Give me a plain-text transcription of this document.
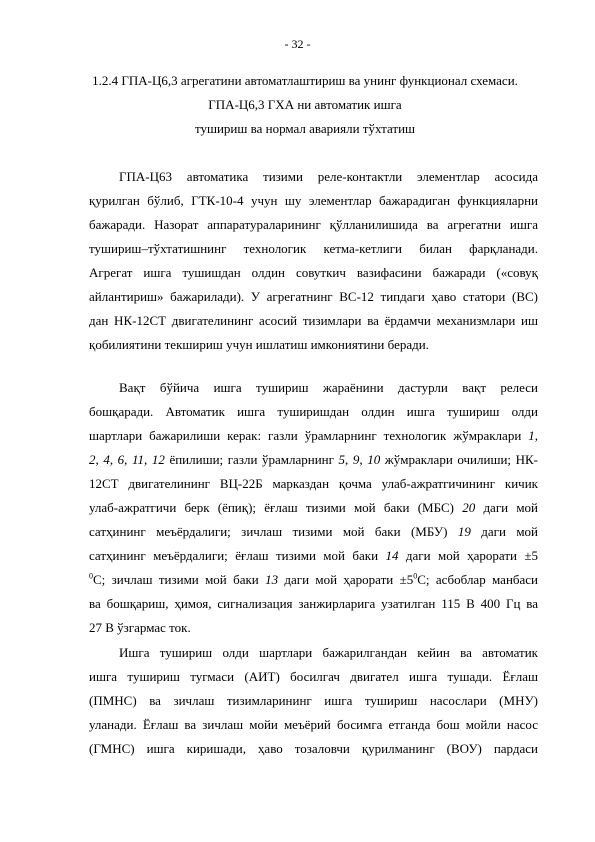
- 32 -
1.2.4 ГПА-Ц6,3 агрегатини автоматлаштириш ва унинг функционал схемаси.
ГПА-Ц6,3 ГХА ни автоматик ишга
тушириш ва нормал аварияли тўхтатиш
ГПА-Ц63 автоматика тизими реле-контактли элементлар асосида
қурилган бўлиб, ГТК-10-4 учун шу элементлар бажарадиган функцияларни
бажаради. Назорат аппаратураларининг қўлланилишида ва агрегатни ишга
тушириш–тўхтатишнинг технологик кетма-кетлиги билан фарқланади.
Агрегат ишга тушишдан олдин совуткич вазифасини бажаради («совуқ
айлантириш» бажарилади). У агрегатнинг ВС-12 типдаги ҳаво статори (ВС)
дан НК-12СТ двигателининг асосий тизимлари ва ёрдамчи механизмлари иш
қобилиятини текшириш учун ишлатиш имкониятини беради.
Вақт бўйича ишга тушириш жараёнини дастурли вақт релеси
бошқаради. Автоматик ишга туширишдан олдин ишга тушириш олди
шартлари бажарилиши керак: газли ўрамларнинг технологик жўмраклари 1,
2, 4, 6, 11, 12 ёпилиши; газли ўрамларнинг 5, 9, 10 жўмраклари очилиши; НК-
12СТ двигателининг ВЦ-22Б марказдан қочма улаб-ажратгичининг кичик
улаб-ажратгичи берк (ёпиқ); ёғлаш тизими мой баки (МБС) 20 даги мой
сатҳининг меъёрдалиги; зичлаш тизими мой баки (МБУ) 19 даги мой
сатҳининг меъёрдалиги; ёғлаш тизими мой баки 14 даги мой ҳарорати ±5
$^0$С; зичлаш тизими мой баки 13 даги мой ҳарорати $\pm 5^0С$; асбоблар манбаси
ва бошқариш, ҳимоя, сигнализация занжирларига узатилган 115 В 400 Гц ва
27 В ўзгармас ток.
Ишга тушириш олди шартлари бажарилгандан кейин ва автоматик
ишга тушириш тугмаси (АИТ) босилгач двигател ишга тушади. Ёғлаш
(ПМНС) ва зичлаш тизимларининг ишга тушириш насослари (МНУ)
уланади. Ёғлаш ва зичлаш мойи меъёрий босимга етганда бош мойли насос
(ГМНС) ишга киришади, ҳаво тозаловчи қурилманинг (ВОУ) пардаси
